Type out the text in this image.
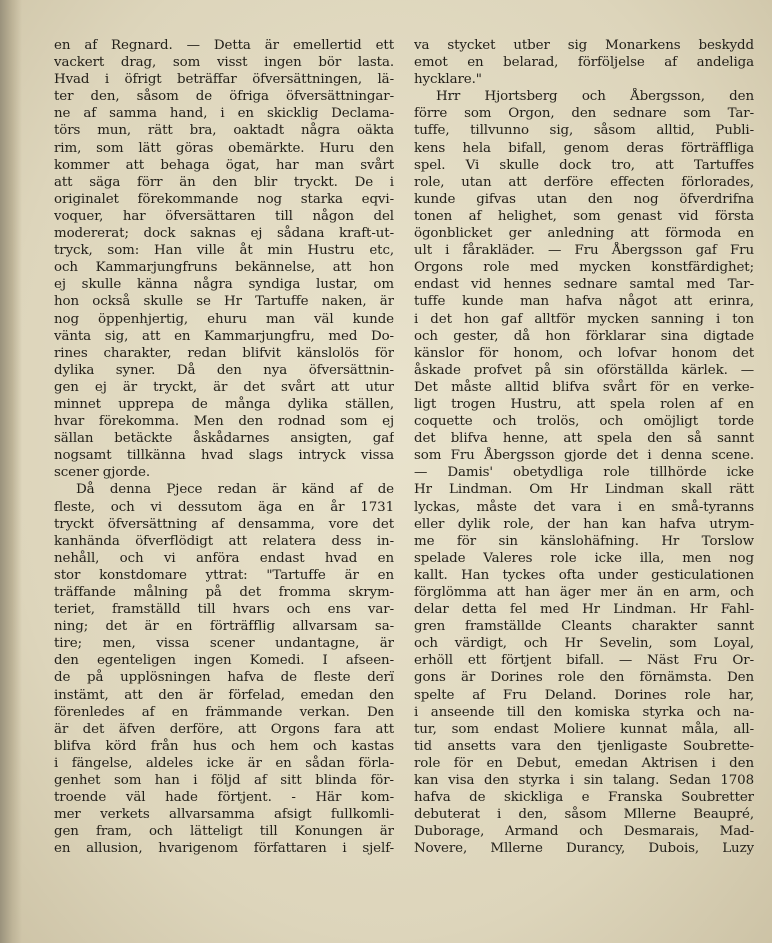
en af Regnard. — Detta är emellertid ett
vackert drag, som visst ingen bör lasta.
Hvad i öfrigt beträffar öfversättningen, lä-
ter den, såsom de öfriga öfversättningar-
ne af samma hand, i en skicklig Declama-
törs mun, rätt bra, oaktadt några oäkta
rim, som lätt göras obemärkte. Huru den
kommer att behaga ögat, har man svårt
att säga förr än den blir tryckt. De i
originalet förekommande nog starka eqvi-
voquer, har öfversättaren till någon del
modererat; dock saknas ej sådana kraft-ut-
tryck, som: Han ville åt min Hustru etc,
och Kammarjungfruns bekännelse, att hon
ej skulle känna några syndiga lustar, om
hon också skulle se Hr Tartuffe naken, är
nog öppenhjertig, ehuru man väl kunde
vänta sig, att en Kammarjungfru, med Do-
rines charakter, redan blifvit känslolös för
dylika syner. Då den nya öfversättnin-
gen ej är tryckt, är det svårt att utur
minnet upprepa de många dylika ställen,
hvar förekomma. Men den rodnad som ej
sällan betäckte åskådarnes ansigten, gaf
nogsamt tillkänna hvad slags intryck vissa
scener gjorde.
Då denna Pjece redan är känd af de
fleste, och vi dessutom äga en år 1731
tryckt öfversättning af densamma, vore det
kanhända öfverflödigt att relatera dess in-
nehåll, och vi anföra endast hvad en
stor konstdomare yttrat: "Tartuffe är en
träffande målning på det fromma skrym-
teriet, framställd till hvars och ens var-
ning; det är en förträfflig allvarsam sa-
tire; men, vissa scener undantagne, är
den egenteligen ingen Komedi. I afseen-
de på upplösningen hafva de fleste derï
instämt, att den är förfelad, emedan den
förenledes af en främmande verkan. Den
är det äfven derföre, att Orgons fara att
blifva körd från hus och hem och kastas
i fängelse, aldeles icke är en sådan förla-
genhet som han i följd af sitt blinda för-
troende väl hade förtjent. - Här kom-
mer verkets allvarsamma afsigt fullkomli-
gen fram, och lätteligt till Konungen är
en allusion, hvarigenom författaren i sjelf-
va stycket utber sig Monarkens beskydd
emot en belarad, förföljelse af andeliga
hycklare."
Hrr Hjortsberg och Åbergsson, den
förre som Orgon, den sednare som Tar-
tuffe, tillvunno sig, såsom alltid, Publi-
kens hela bifall, genom deras förträffliga
spel. Vi skulle dock tro, att Tartuffes
role, utan att derföre effecten förlorades,
kunde gifvas utan den nog öfverdrifna
tonen af helighet, som genast vid första
ögonblicket ger anledning att förmoda en
ult i fårakläder. — Fru Åbergsson gaf Fru
Orgons role med mycken konstfärdighet;
endast vid hennes sednare samtal med Tar-
tuffe kunde man hafva något att erinra,
i det hon gaf alltför mycken sanning i ton
och gester, då hon förklarar sina digtade
känslor för honom, och lofvar honom det
åskade profvet på sin oförställda kärlek. —
Det måste alltid blifva svårt för en verke-
ligt trogen Hustru, att spela rolen af en
coquette och trolös, och omöjligt torde
det blifva henne, att spela den så sannt
som Fru Åbergsson gjorde det i denna scene.
— Damis' obetydliga role tillhörde icke
Hr Lindman. Om Hr Lindman skall rätt
lyckas, måste det vara i en små-tyranns
eller dylik role, der han kan hafva utrym-
me för sin känslohäfning. Hr Torslow
spelade Valeres role icke illa, men nog
kallt. Han tyckes ofta under gesticulationen
förglömma att han äger mer än en arm, och
delar detta fel med Hr Lindman. Hr Fahl-
gren framställde Cleants charakter sannt
och värdigt, och Hr Sevelin, som Loyal,
erhöll ett förtjent bifall. — Näst Fru Or-
gons är Dorines role den förnämsta. Den
spelte af Fru Deland. Dorines role har,
i anseende till den komiska styrka och na-
tur, som endast Moliere kunnat måla, all-
tid ansetts vara den tjenligaste Soubrette-
role för en Debut, emedan Aktrisen i den
kan visa den styrka i sin talang. Sedan 1708
hafva de skickliga e Franska Soubretter
debuterat i den, såsom Mllerne Beaupré,
Duborage, Armand och Desmarais, Mad-
Novere, Mllerne Durancy, Dubois, Luzy
